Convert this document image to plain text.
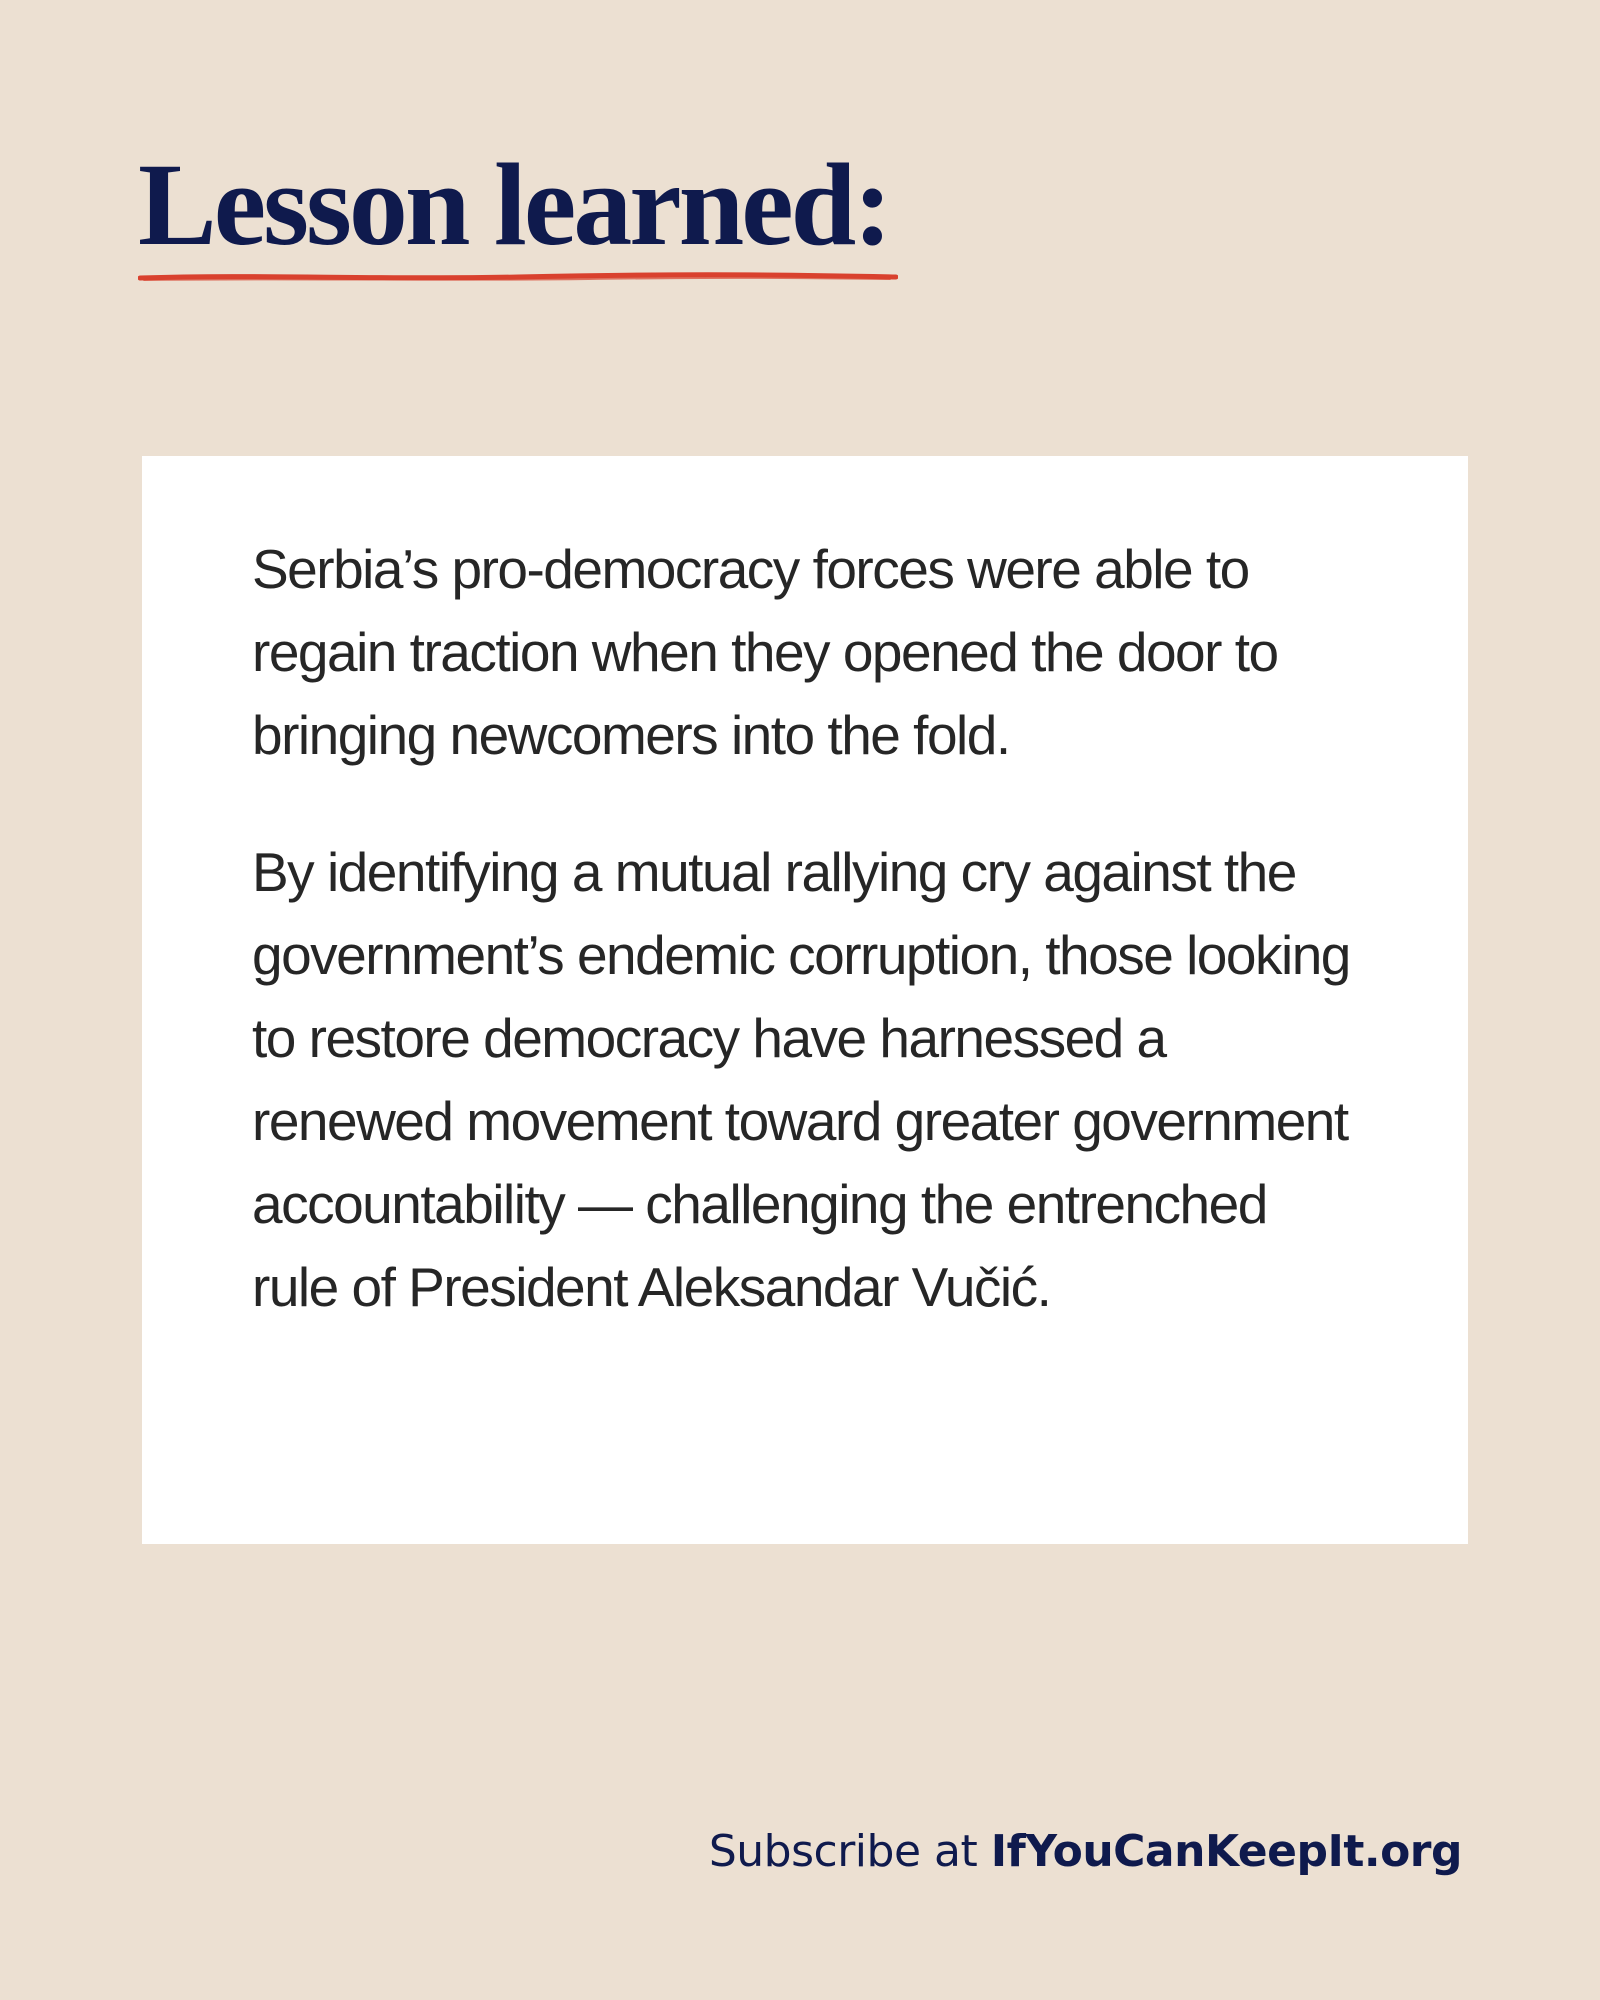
Lesson learned:

Serbia’s pro-democracy forces were able to regain traction when they opened the door to bringing newcomers into the fold.

By identifying a mutual rallying cry against the government’s endemic corruption, those looking to restore democracy have harnessed a renewed movement toward greater government accountability — challenging the entrenched rule of President Aleksandar Vučić.

Subscribe at IfYouCanKeepIt.org
